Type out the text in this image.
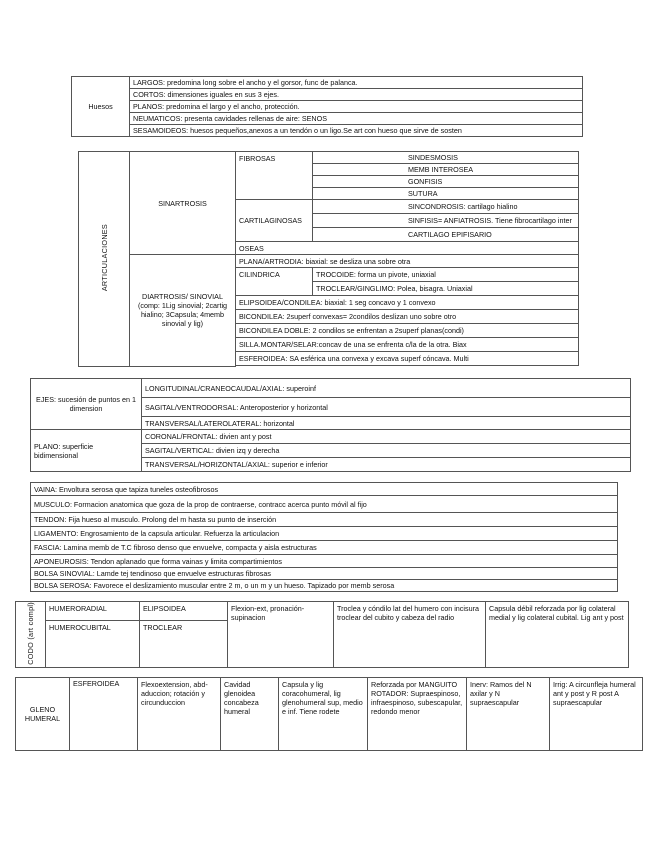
Huesos	LARGOS: predomina long sobre el ancho y el gorsor, func de palanca.
CORTOS: dimensiones iguales en sus 3 ejes.
PLANOS: predomina el largo y el ancho, protección.
NEUMATICOS: presenta cavidades rellenas de aire: SENOS
SESAMOIDEOS: huesos pequeños,anexos a un tendón o un ligo.Se art con hueso que sirve de sosten
ARTICULACIONES	SINARTROSIS	FIBROSAS	SINDESMOSIS
			MEMB INTEROSEA
			GONFISIS
			SUTURA
		CARTILAGINOSAS	SINCONDROSIS: cartilago hialino
			SINFISIS= ANFIATROSIS. Tiene fibrocartilago inter
			CARTILAGO EPIFISARIO
		OSEAS	
	DIARTROSIS/ SINOVIAL (comp: 1Lig sinovial; 2cartig hialino; 3Capsula; 4memb sinovial y lig)	PLANA/ARTRODIA: biaxial: se desliza una sobre otra	
		CILINDRICA	TROCOIDE: forma un pivote, uniaxial
			TROCLEAR/GINGLIMO: Polea, bisagra. Uniaxial
		ELIPSOIDEA/CONDILEA: biaxial: 1 seg concavo y 1 convexo	
		BICONDILEA: 2superf convexas= 2condilos deslizan uno sobre otro	
		BICONDILEA DOBLE: 2 condilos se enfrentan a 2superf planas(condi)	
		SILLA.MONTAR/SELAR:concav de una se enfrenta c/la de la otra. Biax	
		ESFEROIDEA: SA esférica una convexa y excava superf cóncava. Multi	

EJES: sucesión de puntos en 1 dimension	LONGITUDINAL/CRANEOCAUDAL/AXIAL: superoinf
	SAGITAL/VENTRODORSAL: Anteroposterior y horizontal
	TRANSVERSAL/LATEROLATERAL: horizontal
PLANO: superficie bidimensional	CORONAL/FRONTAL: divien ant y post
	SAGITAL/VERTICAL: divien izq y derecha
	TRANSVERSAL/HORIZONTAL/AXIAL: superior e inferior
VAINA: Envoltura serosa que tapiza tuneles osteofibrosos
MUSCULO: Formacion anatomica que goza de la prop de contraerse, contracc acerca punto móvil al fijo
TENDON: Fija hueso al musculo. Prolong del m hasta su punto de inserción
LIGAMENTO: Engrosamiento de la capsula articular. Refuerza la articulacion
FASCIA: Lamina memb de T.C fibroso denso que envuelve, compacta y aisla estructuras
APONEUROSIS: Tendon aplanado que forma vainas y limita compartimientos
BOLSA SINOVIAL: Lamde tej tendinoso que envuelve estructuras fibrosas
BOLSA SEROSA: Favorece el deslizamiento muscular entre 2 m, o un m y un hueso. Tapizado por memb serosa
CODO (art compl)	HUMERORADIAL	ELIPSOIDEA	Flexion-ext, pronación-supinacion	Troclea y cóndilo lat del humero con incisura troclear del cubito y cabeza del radio	Capsula débil reforzada por lig colateral medial y lig colateral cubital. Lig ant y post
	HUMEROCUBITAL	TROCLEAR			
GLENO HUMERAL	ESFEROIDEA	Flexoextension, abd-aduccion; rotación y circunduccion	Cavidad glenoidea concabeza humeral	Capsula y lig coracohumeral, lig glenohumeral sup, medio e inf. Tiene rodete	Reforzada por MANGUITO ROTADOR: Supraespinoso, infraespinoso, subescapular, redondo menor	Inerv: Ramos del N axilar y N supraescapular	Irrig: A circunfleja humeral ant y post y R post A supraescapular
